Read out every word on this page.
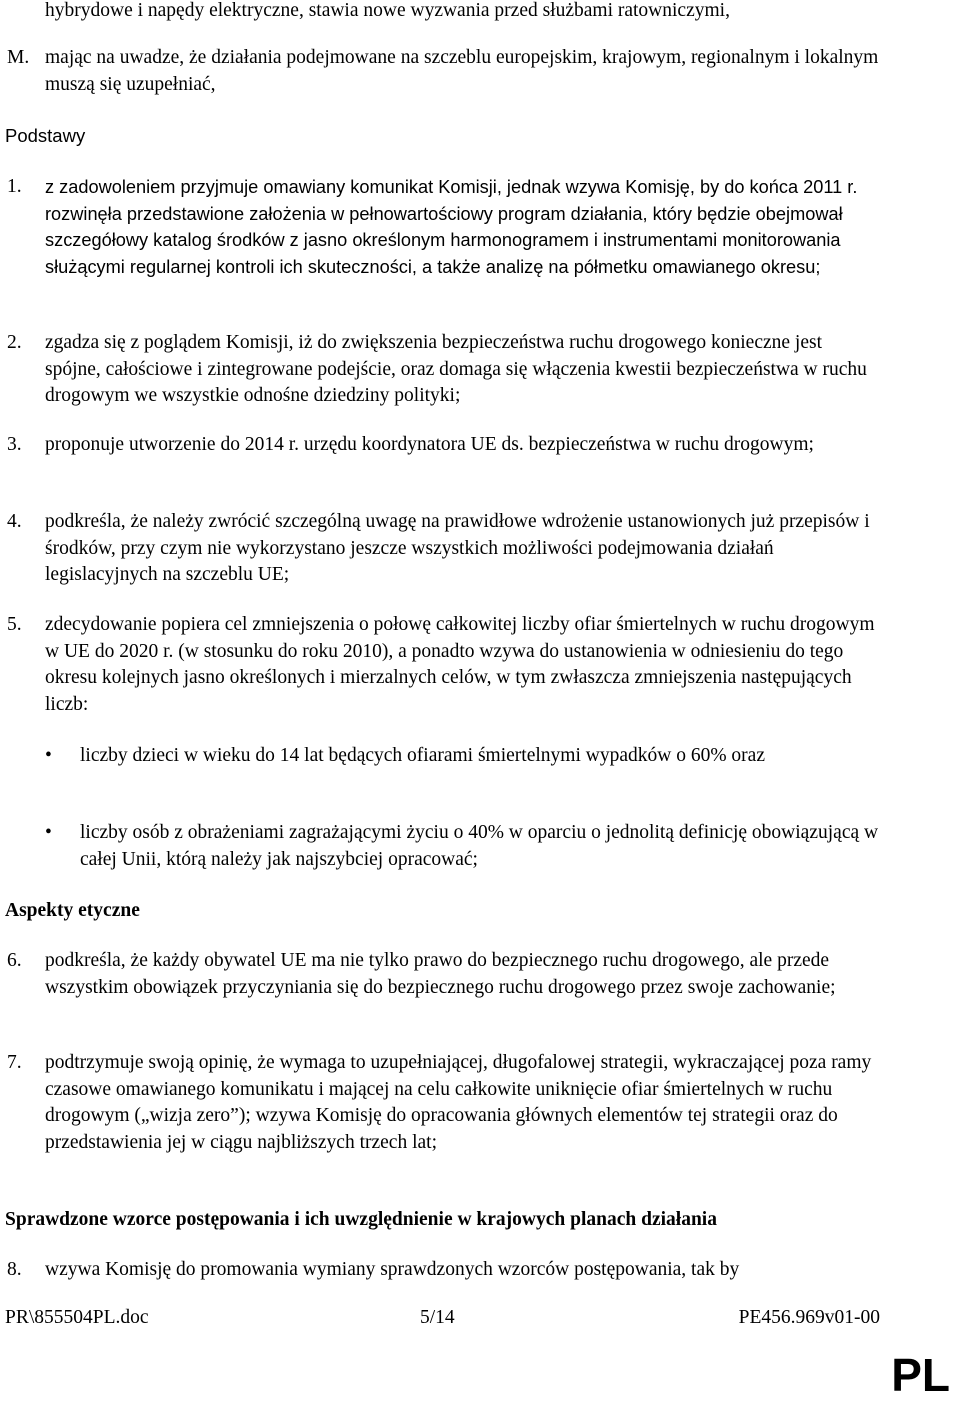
hybrydowe i napędy elektryczne, stawia nowe wyzwania przed służbami ratowniczymi,
M. mając na uwadze, że działania podejmowane na szczeblu europejskim, krajowym, regionalnym i lokalnym muszą się uzupełniać,
Podstawy
1.	z zadowoleniem przyjmuje omawiany komunikat Komisji, jednak wzywa Komisję, by do końca 2011 r. rozwinęła przedstawione założenia w pełnowartościowy program działania, który będzie obejmował szczegółowy katalog środków z jasno określonym harmonogramem i instrumentami monitorowania służącymi regularnej kontroli ich skuteczności, a także analizę na półmetku omawianego okresu;
2.	zgadza się z poglądem Komisji, iż do zwiększenia bezpieczeństwa ruchu drogowego konieczne jest spójne, całościowe i zintegrowane podejście, oraz domaga się włączenia kwestii bezpieczeństwa w ruchu drogowym we wszystkie odnośne dziedziny polityki;
3.	proponuje utworzenie do 2014 r. urzędu koordynatora UE ds. bezpieczeństwa w ruchu drogowym;
4.	podkreśla, że należy zwrócić szczególną uwagę na prawidłowe wdrożenie ustanowionych już przepisów i środków, przy czym nie wykorzystano jeszcze wszystkich możliwości podejmowania działań legislacyjnych na szczeblu UE;
5.	zdecydowanie popiera cel zmniejszenia o połowę całkowitej liczby ofiar śmiertelnych w ruchu drogowym w UE do 2020 r. (w stosunku do roku 2010), a ponadto wzywa do ustanowienia w odniesieniu do tego okresu kolejnych jasno określonych i mierzalnych celów, w tym zwłaszcza zmniejszenia następujących liczb:
• liczby dzieci w wieku do 14 lat będących ofiarami śmiertelnymi wypadków o 60% oraz
• liczby osób z obrażeniami zagrażającymi życiu o 40% w oparciu o jednolitą definicję obowiązującą w całej Unii, którą należy jak najszybciej opracować;
Aspekty etyczne
6.	podkreśla, że każdy obywatel UE ma nie tylko prawo do bezpiecznego ruchu drogowego, ale przede wszystkim obowiązek przyczyniania się do bezpiecznego ruchu drogowego przez swoje zachowanie;
7.	podtrzymuje swoją opinię, że wymaga to uzupełniającej, długofalowej strategii, wykraczającej poza ramy czasowe omawianego komunikatu i mającej na celu całkowite uniknięcie ofiar śmiertelnych w ruchu drogowym („wizja zero”); wzywa Komisję do opracowania głównych elementów tej strategii oraz do przedstawienia jej w ciągu najbliższych trzech lat;
Sprawdzone wzorce postępowania i ich uwzględnienie w krajowych planach działania
8.	wzywa Komisję do promowania wymiany sprawdzonych wzorców postępowania, tak by
PR\855504PL.doc	5/14	PE456.969v01-00
PL
